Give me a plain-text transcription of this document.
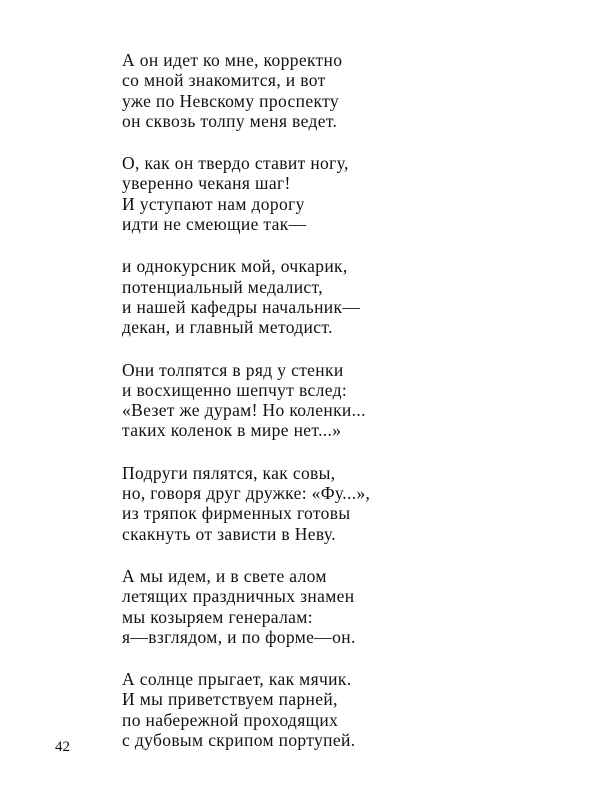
А он идет ко мне, корректно
со мной знакомится, и вот
уже по Невскому проспекту
он сквозь толпу меня ведет.
О, как он твердо ставит ногу,
уверенно чеканя шаг!
И уступают нам дорогу
идти не смеющие так—
и однокурсник мой, очкарик,
потенциальный медалист,
и нашей кафедры начальник—
декан, и главный методист.
Они толпятся в ряд у стенки
и восхищенно шепчут вслед:
«Везет же дурам! Но коленки...
таких коленок в мире нет...»
Подруги пялятся, как совы,
но, говоря друг дружке: «Фу...»,
из тряпок фирменных готовы
скакнуть от зависти в Неву.
А мы идем, и в свете алом
летящих праздничных знамен
мы козыряем генералам:
я—взглядом, и по форме—он.
А солнце прыгает, как мячик.
И мы приветствуем парней,
по набережной проходящих
с дубовым скрипом портупей.
42
